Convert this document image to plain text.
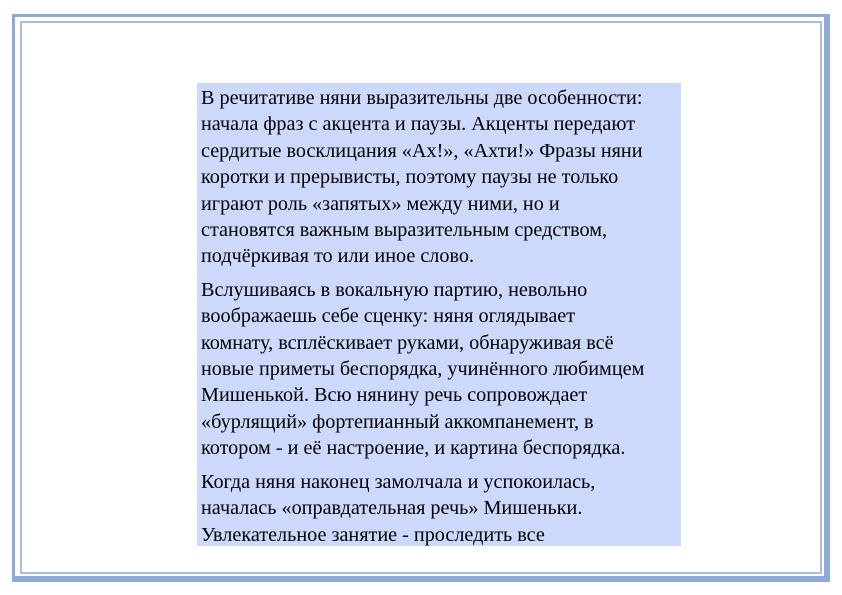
В речитативе няни выразительны две особенности:
начала фраз с акцента и паузы. Акценты передают
сердитые восклицания «Ах!», «Ахти!» Фразы няни
коротки и прерывисты, поэтому паузы не только
играют роль «запятых» между ними, но и
становятся важным выразительным средством,
подчёркивая то или иное слово.

Вслушиваясь в вокальную партию, невольно
воображаешь себе сценку: няня оглядывает
комнату, всплёскивает руками, обнаруживая всё
новые приметы беспорядка, учинённого любимцем
Мишенькой. Всю нянину речь сопровождает
«бурлящий» фортепианный аккомпанемент, в
котором - и её настроение, и картина беспорядка.

Когда няня наконец замолчала и успокоилась,
началась «оправдательная речь» Мишеньки.
Увлекательное занятие - проследить все
